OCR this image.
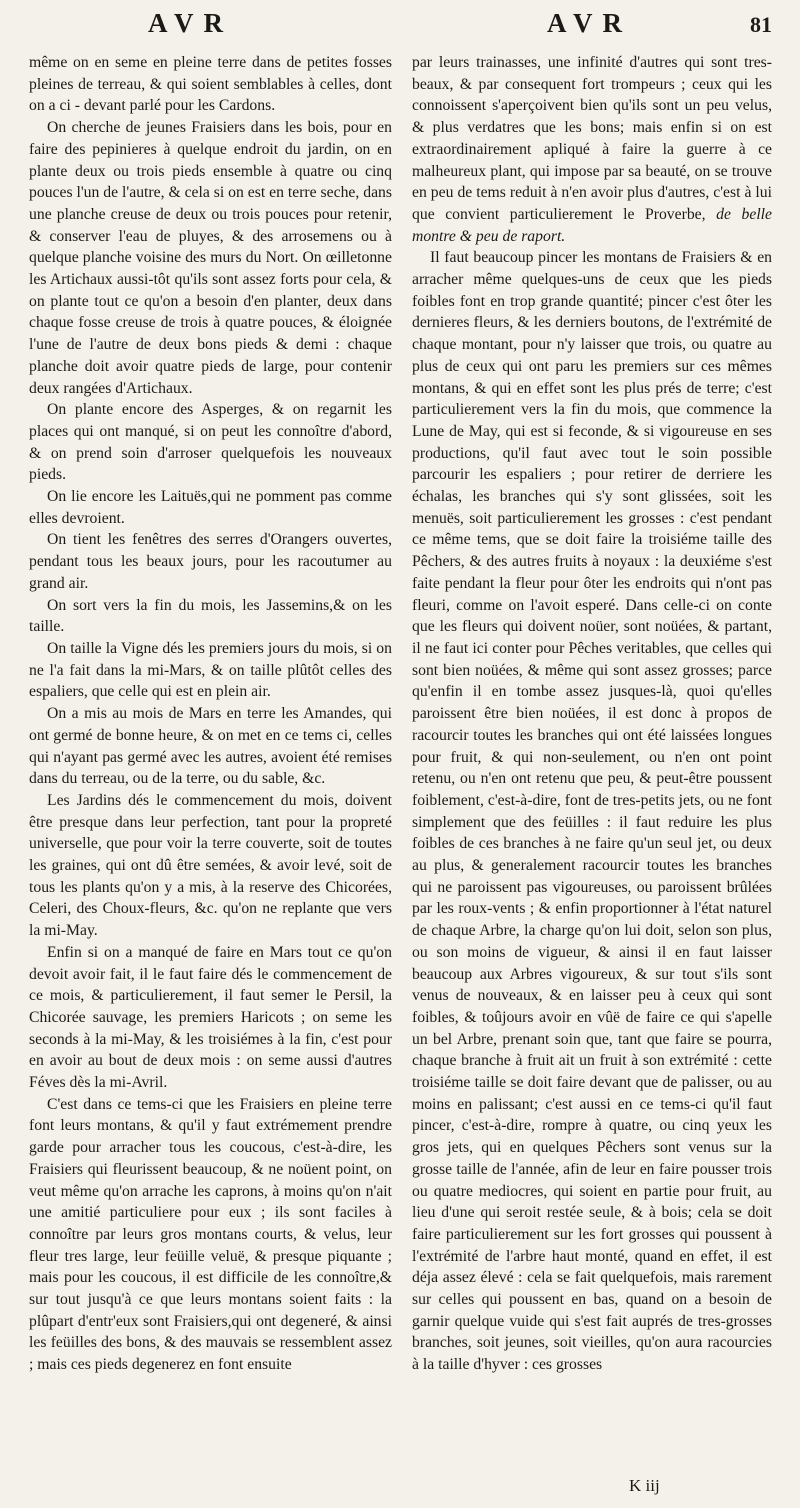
AVR	AVR	81

même on en seme en pleine terre dans de petites fosses pleines de terreau, & qui soient semblables à celles, dont on a ci - devant parlé pour les Cardons.

On cherche de jeunes Fraisiers dans les bois, pour en faire des pepinieres à quelque endroit du jardin, on en plante deux ou trois pieds ensemble à quatre ou cinq pouces l'un de l'autre, & cela si on est en terre seche, dans une planche creuse de deux ou trois pouces pour retenir, & conserver l'eau de pluyes, & des arrosemens ou à quelque planche voisine des murs du Nort. On œilletonne les Artichaux aussi-tôt qu'ils sont assez forts pour cela, & on plante tout ce qu'on a besoin d'en planter, deux dans chaque fosse creuse de trois à quatre pouces, & éloignée l'une de l'autre de deux bons pieds & demi : chaque planche doit avoir quatre pieds de large, pour contenir deux rangées d'Artichaux.

On plante encore des Asperges, & on regarnit les places qui ont manqué, si on peut les connoître d'abord, & on prend soin d'arroser quelquefois les nouveaux pieds.

On lie encore les Laituës,qui ne pomment pas comme elles devroient.

On tient les fenêtres des serres d'Orangers ouvertes, pendant tous les beaux jours, pour les racoutumer au grand air.

On sort vers la fin du mois, les Jassemins,& on les taille.

On taille la Vigne dés les premiers jours du mois, si on ne l'a fait dans la mi-Mars, & on taille plûtôt celles des espaliers, que celle qui est en plein air.

On a mis au mois de Mars en terre les Amandes, qui ont germé de bonne heure, & on met en ce tems ci, celles qui n'ayant pas germé avec les autres, avoient été remises dans du terreau, ou de la terre, ou du sable, &c.

Les Jardins dés le commencement du mois, doivent être presque dans leur perfection, tant pour la propreté universelle, que pour voir la terre couverte, soit de toutes les graines, qui ont dû être semées, & avoir levé, soit de tous les plants qu'on y a mis, à la reserve des Chicorées, Celeri, des Choux-fleurs, &c. qu'on ne replante que vers la mi-May.

Enfin si on a manqué de faire en Mars tout ce qu'on devoit avoir fait, il le faut faire dés le commencement de ce mois, & particulierement, il faut semer le Persil, la Chicorée sauvage, les premiers Haricots ; on seme les seconds à la mi-May, & les troisiémes à la fin, c'est pour en avoir au bout de deux mois : on seme aussi d'autres Féves dès la mi-Avril.

C'est dans ce tems-ci que les Fraisiers en pleine terre font leurs montans, & qu'il y faut extrémement prendre garde pour arracher tous les coucous, c'est-à-dire, les Fraisiers qui fleurissent beaucoup, & ne noüent point, on veut même qu'on arrache les caprons, à moins qu'on n'ait une amitié particuliere pour eux ; ils sont faciles à connoître par leurs gros montans courts, & velus, leur fleur tres large, leur feüille veluë, & presque piquante ; mais pour les coucous, il est difficile de les connoître,& sur tout jusqu'à ce que leurs montans soient faits : la plûpart d'entr'eux sont Fraisiers,qui ont degeneré, & ainsi les feüilles des bons, & des mauvais se ressemblent assez ; mais ces pieds degenerez en font ensuite

par leurs trainasses, une infinité d'autres qui sont tres-beaux, & par consequent fort trompeurs ; ceux qui les connoissent s'aperçoivent bien qu'ils sont un peu velus, & plus verdatres que les bons; mais enfin si on est extraordinairement apliqué à faire la guerre à ce malheureux plant, qui impose par sa beauté, on se trouve en peu de tems reduit à n'en avoir plus d'autres, c'est à lui que convient particulierement le Proverbe, de belle montre & peu de raport.

Il faut beaucoup pincer les montans de Fraisiers & en arracher même quelques-uns de ceux que les pieds foibles font en trop grande quantité; pincer c'est ôter les dernieres fleurs, & les derniers boutons, de l'extrémité de chaque montant, pour n'y laisser que trois, ou quatre au plus de ceux qui ont paru les premiers sur ces mêmes montans, & qui en effet sont les plus prés de terre; c'est particulierement vers la fin du mois, que commence la Lune de May, qui est si feconde, & si vigoureuse en ses productions, qu'il faut avec tout le soin possible parcourir les espaliers ; pour retirer de derriere les échalas, les branches qui s'y sont glissées, soit les menuës, soit particulierement les grosses : c'est pendant ce même tems, que se doit faire la troisiéme taille des Pêchers, & des autres fruits à noyaux : la deuxiéme s'est faite pendant la fleur pour ôter les endroits qui n'ont pas fleuri, comme on l'avoit esperé. Dans celle-ci on conte que les fleurs qui doivent noüer, sont noüées, & partant, il ne faut ici conter pour Pêches veritables, que celles qui sont bien noüées, & même qui sont assez grosses; parce qu'enfin il en tombe assez jusques-là, quoi qu'elles paroissent être bien noüées, il est donc à propos de racourcir toutes les branches qui ont été laissées longues pour fruit, & qui non-seulement, ou n'en ont point retenu, ou n'en ont retenu que peu, & peut-être poussent foiblement, c'est-à-dire, font de tres-petits jets, ou ne font simplement que des feüilles : il faut reduire les plus foibles de ces branches à ne faire qu'un seul jet, ou deux au plus, & generalement racourcir toutes les branches qui ne paroissent pas vigoureuses, ou paroissent brûlées par les roux-vents ; & enfin proportionner à l'état naturel de chaque Arbre, la charge qu'on lui doit, selon son plus, ou son moins de vigueur, & ainsi il en faut laisser beaucoup aux Arbres vigoureux, & sur tout s'ils sont venus de nouveaux, & en laisser peu à ceux qui sont foibles, & toûjours avoir en vûë de faire ce qui s'apelle un bel Arbre, prenant soin que, tant que faire se pourra, chaque branche à fruit ait un fruit à son extrémité : cette troisiéme taille se doit faire devant que de palisser, ou au moins en palissant; c'est aussi en ce tems-ci qu'il faut pincer, c'est-à-dire, rompre à quatre, ou cinq yeux les gros jets, qui en quelques Pêchers sont venus sur la grosse taille de l'année, afin de leur en faire pousser trois ou quatre mediocres, qui soient en partie pour fruit, au lieu d'une qui seroit restée seule, & à bois; cela se doit faire particulierement sur les fort grosses qui poussent à l'extrémité de l'arbre haut monté, quand en effet, il est déja assez élevé : cela se fait quelquefois, mais rarement sur celles qui poussent en bas, quand on a besoin de garnir quelque vuide qui s'est fait auprés de tres-grosses branches, soit jeunes, soit vieilles, qu'on aura racourcies à la taille d'hyver : ces grosses

K iij
